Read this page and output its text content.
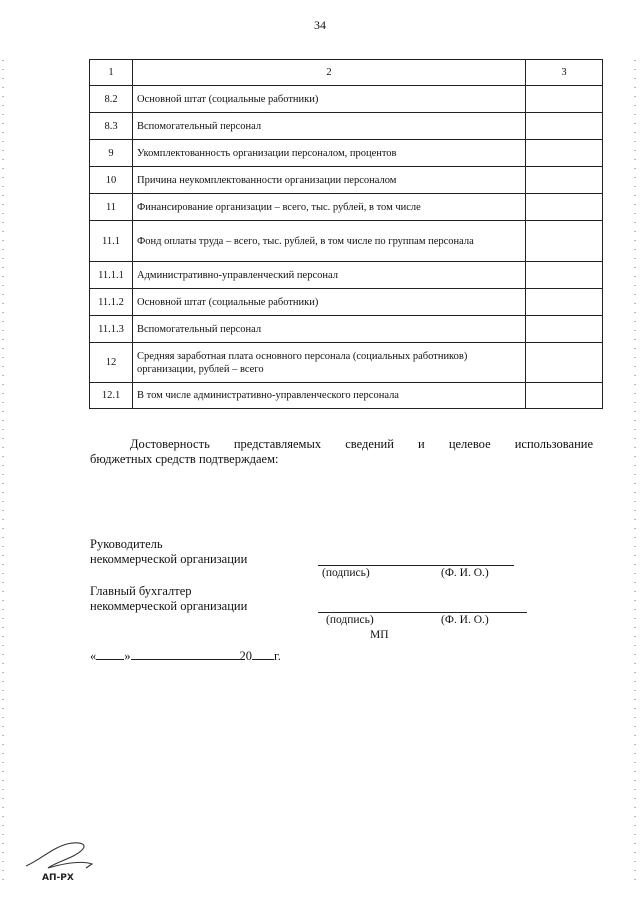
34
1	2	3
8.2	Основной штат (социальные работники)	
8.3	Вспомогательный персонал	
9	Укомплектованность организации персоналом, процентов	
10	Причина неукомплектованности организации персоналом	
11	Финансирование организации – всего, тыс. рублей, в том числе	
11.1	Фонд оплаты труда – всего, тыс. рублей, в том числе по группам персонала	
11.1.1	Административно-управленческий персонал	
11.1.2	Основной штат (социальные работники)	
11.1.3	Вспомогательный персонал	
12	Средняя заработная плата основного персонала (социальных работников) организации, рублей – всего	
12.1	В том числе административно-управленческого персонала	
Достоверность представляемых сведений и целевое использование
бюджетных средств подтверждаем:
Руководитель
некоммерческой организации
(подпись)	(Ф. И. О.)
Главный бухгалтер
некоммерческой организации
(подпись)	(Ф. И. О.)
МП
« »	20 г.
АП-РХ
